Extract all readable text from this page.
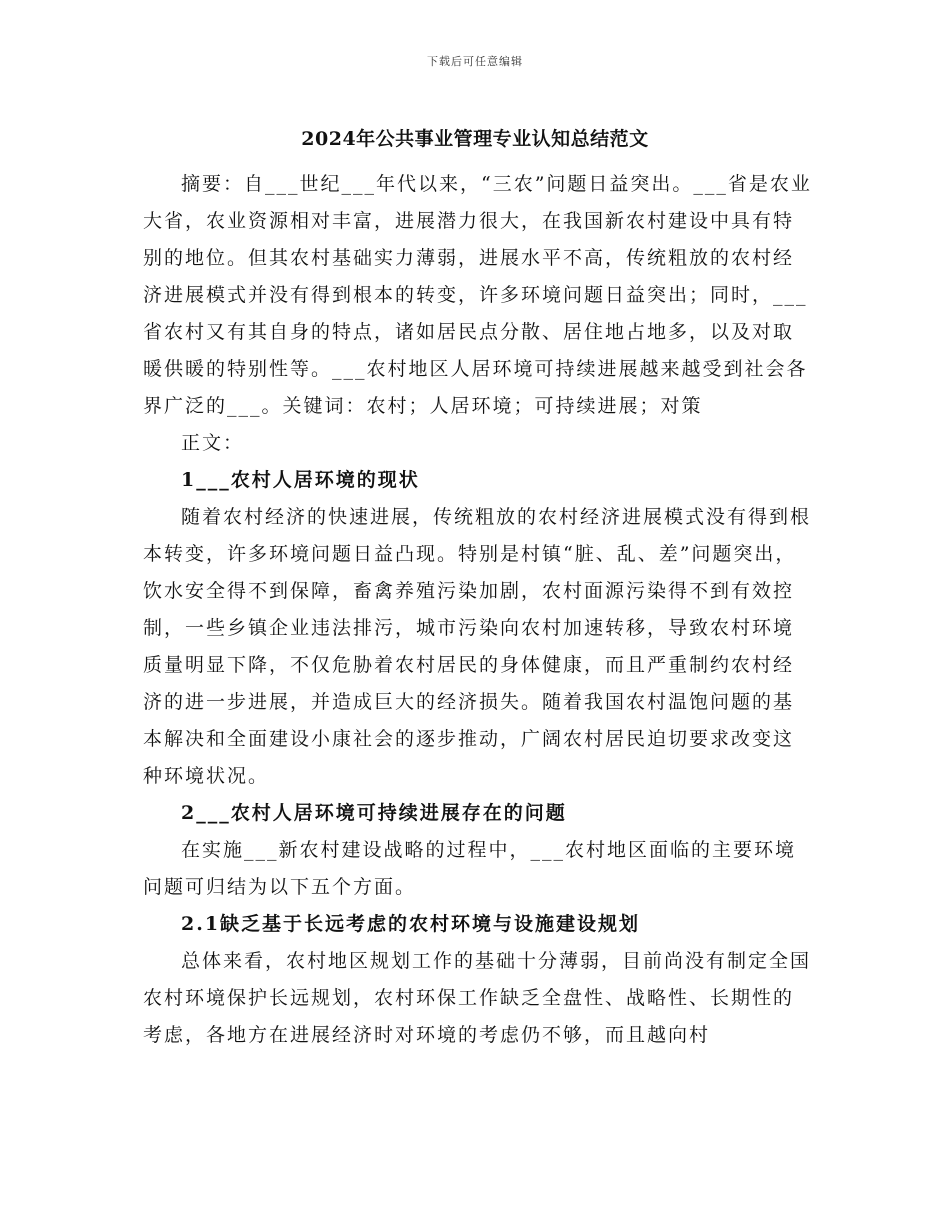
下载后可任意编辑
2024年公共事业管理专业认知总结范文

摘要：自___世纪___年代以来，“三农”问题日益突出。___省是农业大省，农业资源相对丰富，进展潜力很大，在我国新农村建设中具有特别的地位。但其农村基础实力薄弱，进展水平不高，传统粗放的农村经济进展模式并没有得到根本的转变，许多环境问题日益突出；同时，___省农村又有其自身的特点，诸如居民点分散、居住地占地多，以及对取暖供暖的特别性等。___农村地区人居环境可持续进展越来越受到社会各界广泛的___。关键词：农村；人居环境；可持续进展；对策

正文：

1___农村人居环境的现状

随着农村经济的快速进展，传统粗放的农村经济进展模式没有得到根本转变，许多环境问题日益凸现。特别是村镇“脏、乱、差”问题突出，饮水安全得不到保障，畜禽养殖污染加剧，农村面源污染得不到有效控制，一些乡镇企业违法排污，城市污染向农村加速转移，导致农村环境质量明显下降，不仅危胁着农村居民的身体健康，而且严重制约农村经济的进一步进展，并造成巨大的经济损失。随着我国农村温饱问题的基本解决和全面建设小康社会的逐步推动，广阔农村居民迫切要求改变这种环境状况。

2___农村人居环境可持续进展存在的问题

在实施___新农村建设战略的过程中，___农村地区面临的主要环境问题可归结为以下五个方面。

2.1缺乏基于长远考虑的农村环境与设施建设规划

总体来看，农村地区规划工作的基础十分薄弱，目前尚没有制定全国农村环境保护长远规划，农村环保工作缺乏全盘性、战略性、长期性的考虑，各地方在进展经济时对环境的考虑仍不够，而且越向村
